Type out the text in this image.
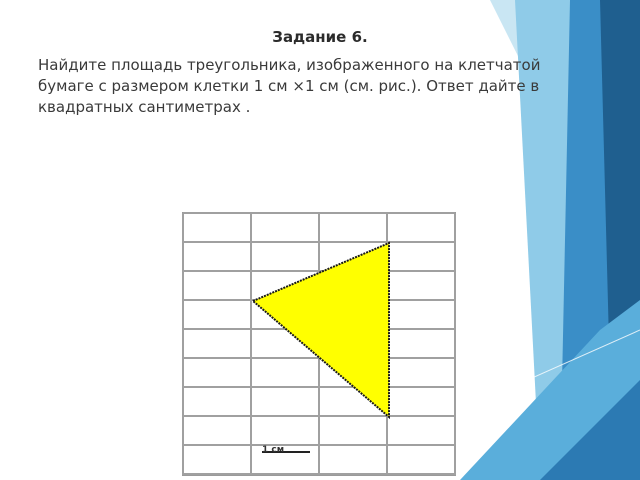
Задание 6.
Найдите площадь треугольника, изображенного на клетчатой бумаге с размером клетки 1 см ×1 см (см. рис.). Ответ дайте в квадратных сантиметрах .
1 см
